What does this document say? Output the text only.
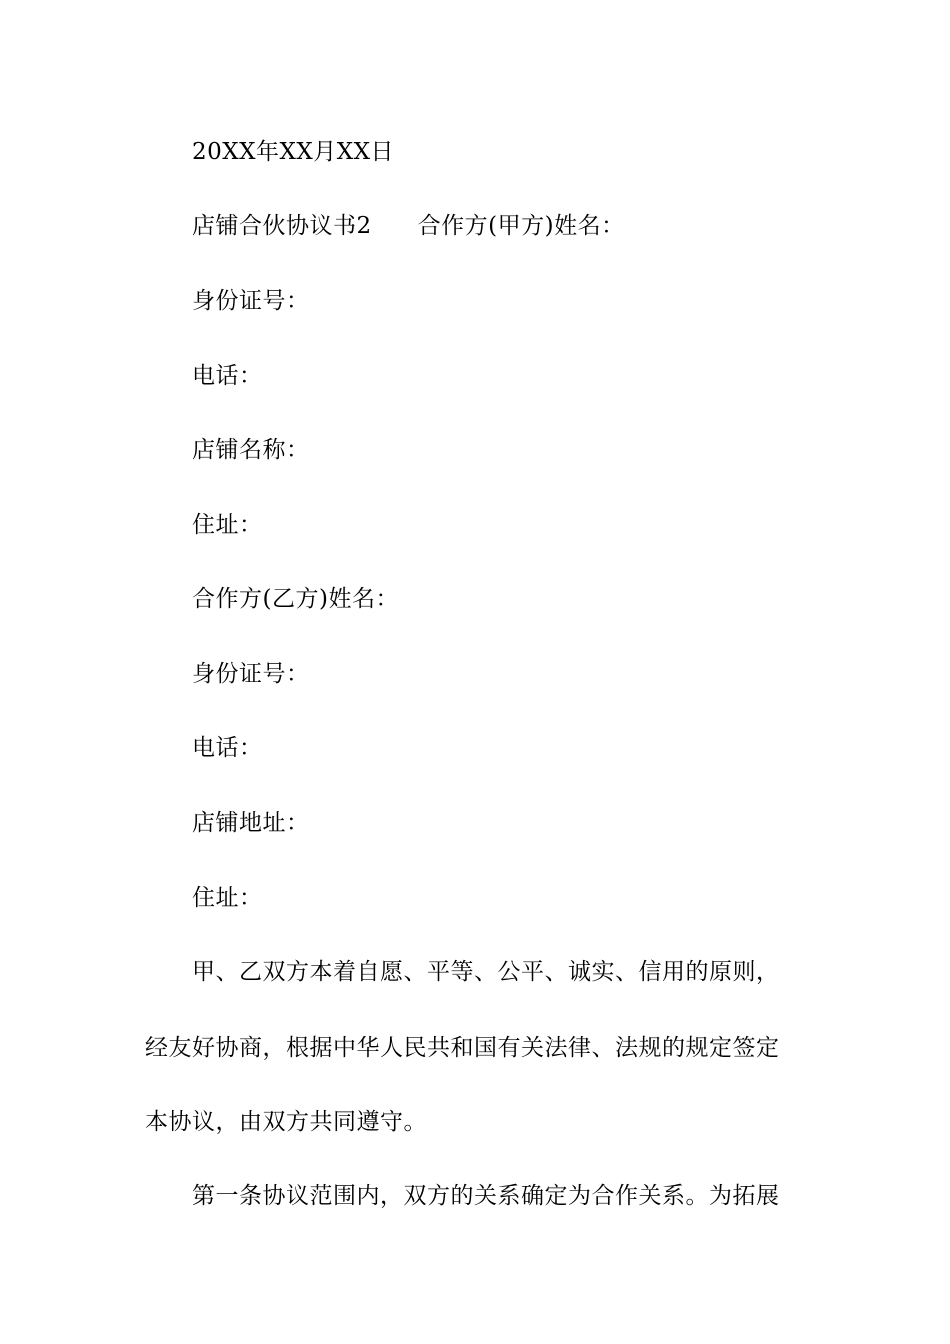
20XX年XX月XX日
店铺合伙协议书2 合作方(甲方)姓名：
身份证号：
电话：
店铺名称：
住址：
合作方(乙方)姓名：
身份证号：
电话：
店铺地址：
住址：
甲、乙双方本着自愿、平等、公平、诚实、信用的原则，
经友好协商，根据中华人民共和国有关法律、法规的规定签定
本协议，由双方共同遵守。
第一条协议范围内，双方的关系确定为合作关系。为拓展
